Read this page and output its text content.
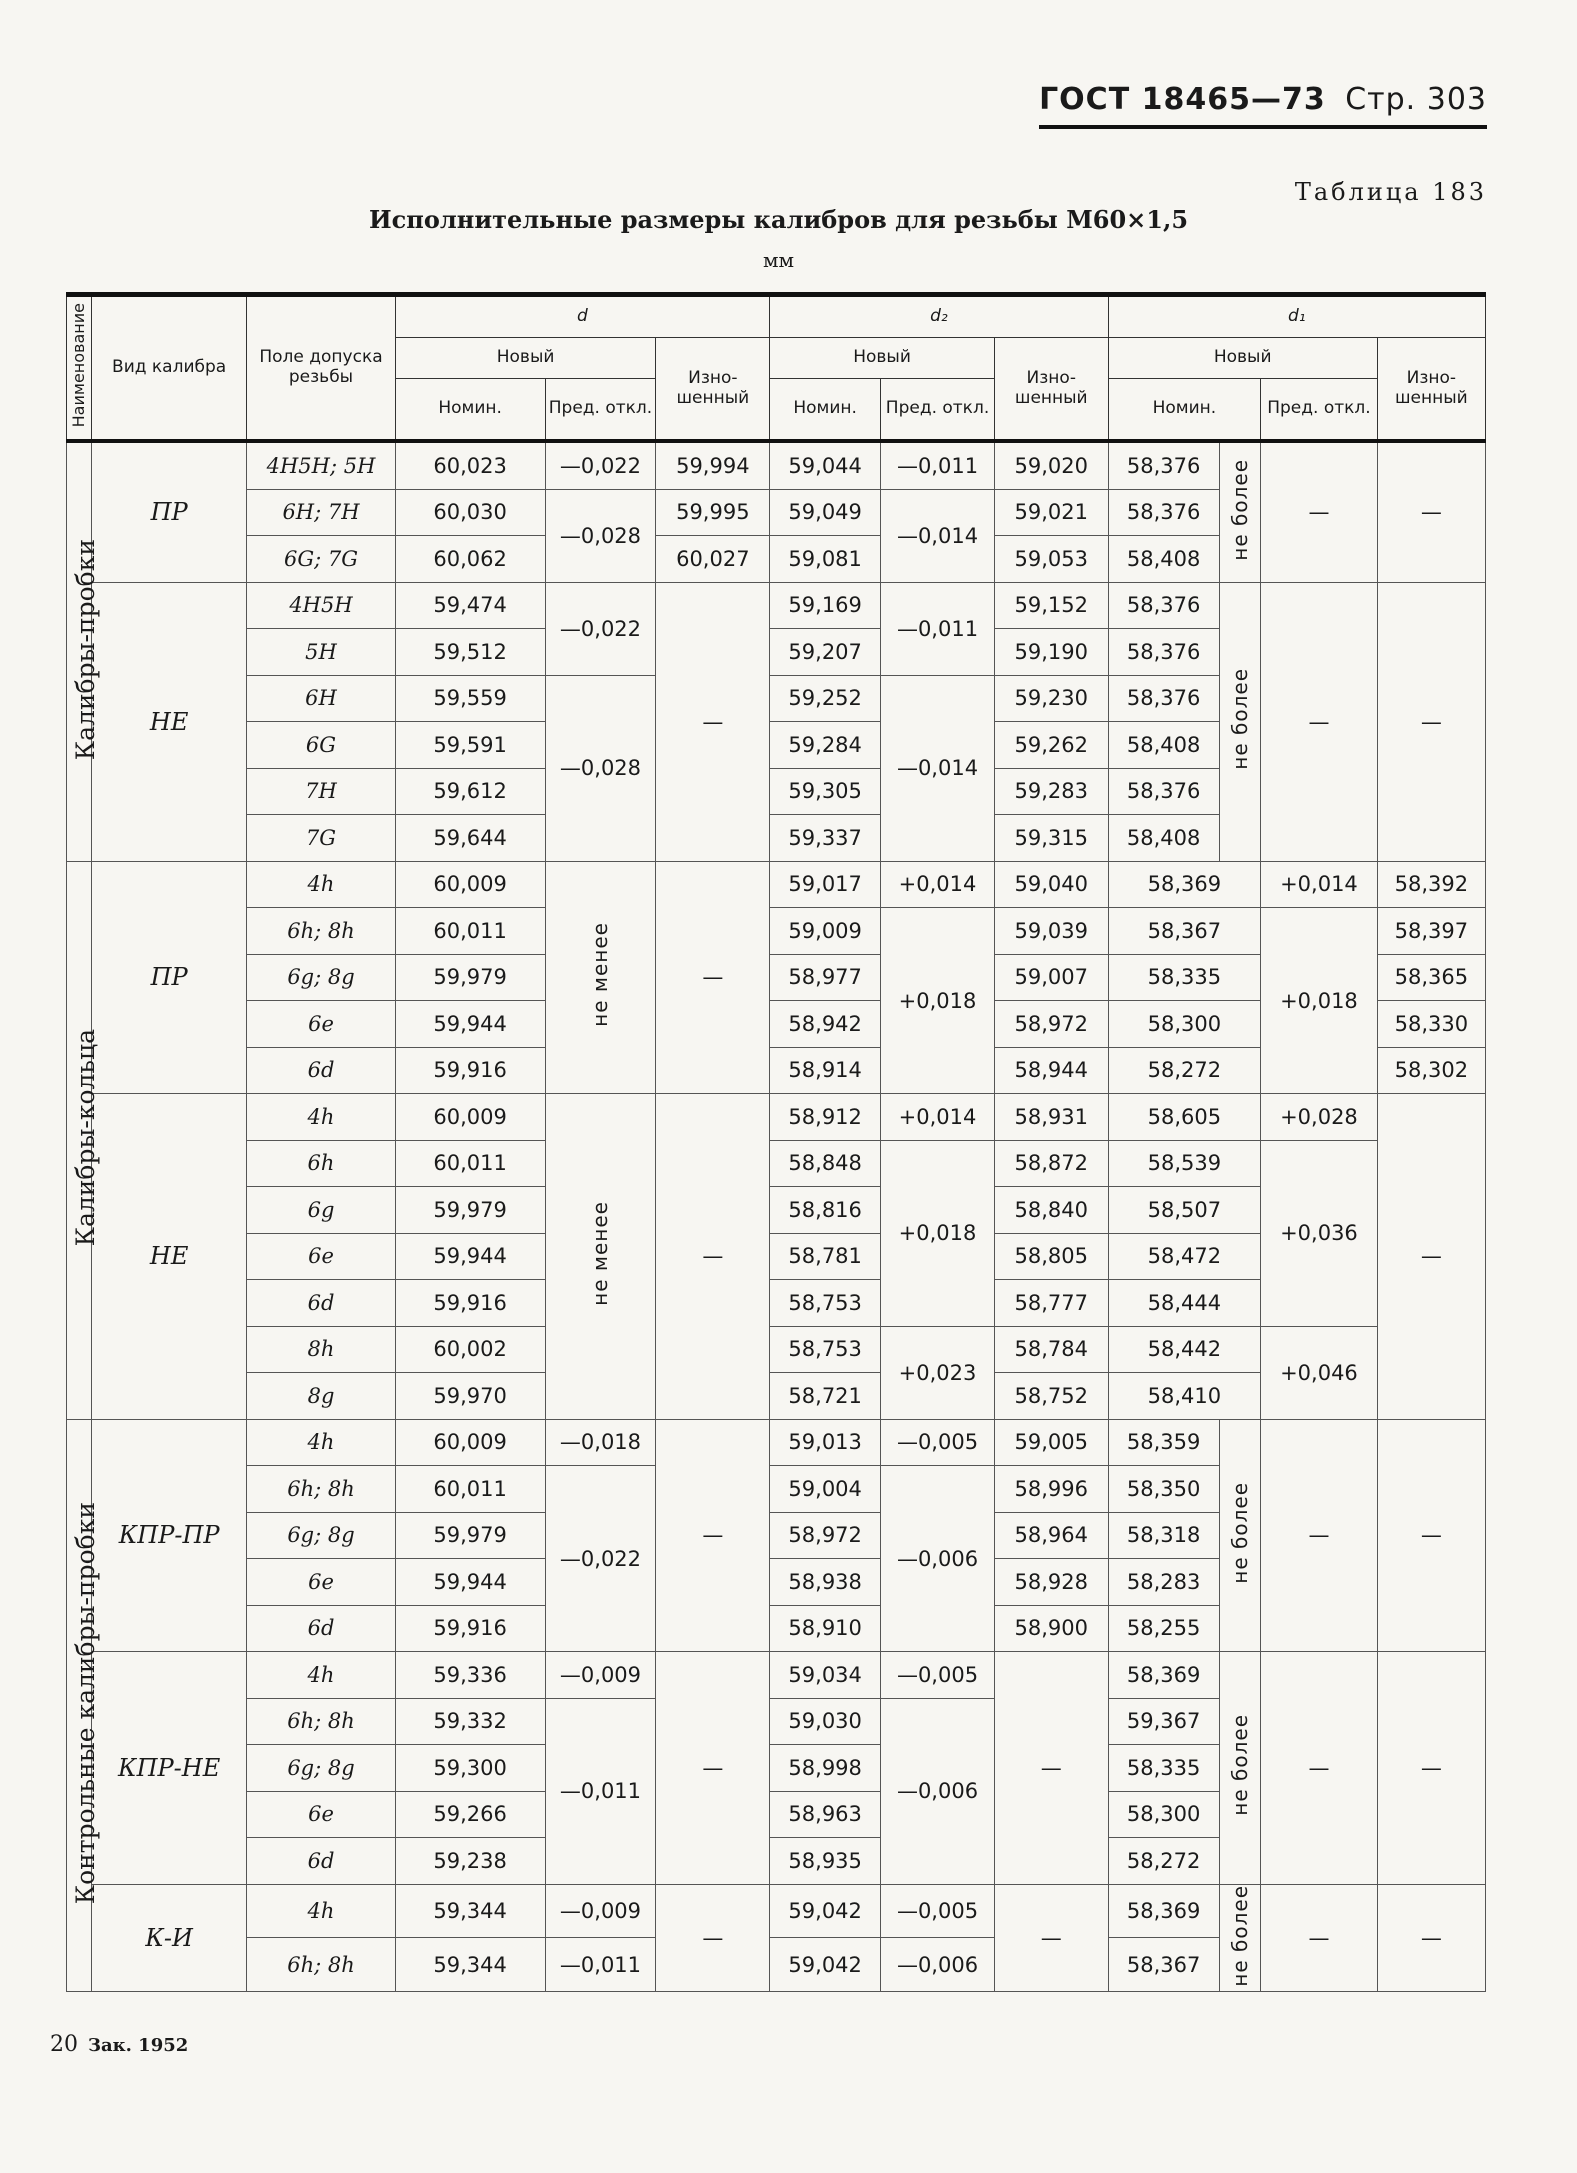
ГОСТ 18465—73 Стр. 303
Таблица 183
Исполнительные размеры калибров для резьбы М60×1,5
мм
Наименование	Вид калибра	Поле допуска резьбы	d			d₂			d₁			
			Новый		Изно-шенный	Новый		Изно-шенный	Новый			Изно-шенный
			Номин.	Пред. откл.		Номин.	Пред. откл.		Номин.		Пред. откл.	
Калибры-пробки	ПР	4H5H; 5H	60,023	—0,022	59,994	59,044	—0,011	59,020	58,376	не более	—	—
		6H; 7H	60,030	—0,028	59,995	59,049	—0,014	59,021	58,376			
		6G; 7G	60,062		60,027	59,081		59,053	58,408			
	НЕ	4H5H	59,474	—0,022	—	59,169	—0,011	59,152	58,376	не более	—	—
		5H	59,512			59,207		59,190	58,376			
		6H	59,559	—0,028		59,252	—0,014	59,230	58,376			
		6G	59,591			59,284		59,262	58,408			
		7H	59,612			59,305		59,283	58,376			
		7G	59,644			59,337		59,315	58,408			
Калибры-кольца	ПР	4h	60,009	не менее	—	59,017	+0,014	59,040	58,369		+0,014	58,392
		6h; 8h	60,011			59,009	+0,018	59,039	58,367		+0,018	58,397
		6g; 8g	59,979			58,977		59,007	58,335			58,365
		6e	59,944			58,942		58,972	58,300			58,330
		6d	59,916			58,914		58,944	58,272			58,302
	НЕ	4h	60,009	не менее	—	58,912	+0,014	58,931	58,605		+0,028	—
		6h	60,011			58,848	+0,018	58,872	58,539		+0,036	
		6g	59,979			58,816		58,840	58,507			
		6e	59,944			58,781		58,805	58,472			
		6d	59,916			58,753		58,777	58,444			
		8h	60,002			58,753	+0,023	58,784	58,442		+0,046	
		8g	59,970			58,721		58,752	58,410			
Контрольные калибры-пробки	КПР-ПР	4h	60,009	—0,018	—	59,013	—0,005	59,005	58,359	не более	—	—
		6h; 8h	60,011	—0,022		59,004	—0,006	58,996	58,350			
		6g; 8g	59,979			58,972		58,964	58,318			
		6e	59,944			58,938		58,928	58,283			
		6d	59,916			58,910		58,900	58,255			
	КПР-НЕ	4h	59,336	—0,009	—	59,034	—0,005	—	58,369	не более	—	—
		6h; 8h	59,332	—0,011		59,030	—0,006		59,367			
		6g; 8g	59,300			58,998			58,335			
		6e	59,266			58,963			58,300			
		6d	59,238			58,935			58,272			
	К-И	4h	59,344	—0,009	—	59,042	—0,005	—	58,369	не более	—	—
		6h; 8h	59,344	—0,011		59,042	—0,006		58,367			
20 Зак. 1952
